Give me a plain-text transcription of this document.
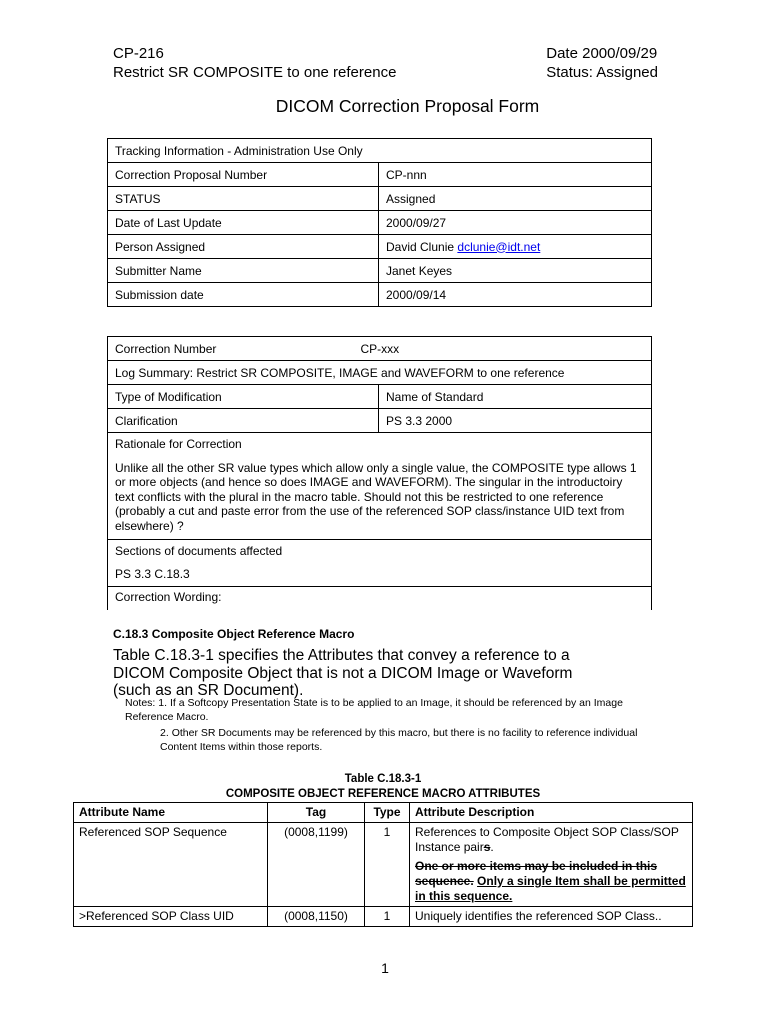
CP-216
Restrict SR COMPOSITE to one reference
Date 2000/09/29
Status: Assigned
DICOM Correction Proposal Form
Tracking Information - Administration Use Only	
Correction Proposal Number	CP-nnn
STATUS	Assigned
Date of Last Update	2000/09/27
Person Assigned	David Clunie dclunie@idt.net
Submitter Name	Janet Keyes
Submission date	2000/09/14
Correction Number CP-xxx	

Log Summary: Restrict SR COMPOSITE, IMAGE and WAVEFORM to one reference	
Type of Modification	Name of Standard
Clarification	PS 3.3 2000

Rationale for Correction
Unlike all the other SR value types which allow only a single value, the COMPOSITE type allows 1 or more objects (and hence so does IMAGE and WAVEFORM). The singular in the introductoiry text conflicts with the plural in the macro table. Should not this be restricted to one reference (probably a cut and paste error from the use of the referenced SOP class/instance UID text from elsewhere) ?	

Sections of documents affected
PS 3.3 C.18.3	

Correction Wording:	
C.18.3 Composite Object Reference Macro
Table C.18.3-1 specifies the Attributes that convey a reference to a DICOM Composite Object that is not a DICOM Image or Waveform (such as an SR Document).
Notes: 1. If a Softcopy Presentation State is to be applied to an Image, it should be referenced by an Image Reference Macro.
2. Other SR Documents may be referenced by this macro, but there is no facility to reference individual Content Items within those reports.
Table C.18.3-1
COMPOSITE OBJECT REFERENCE MACRO ATTRIBUTES
Attribute Name	Tag	Type	Attribute Description
Referenced SOP Sequence	(0008,1199)	1	References to Composite Object SOP Class/SOP Instance pairs.
One or more items may be included in this sequence. Only a single Item shall be permitted in this sequence.

>Referenced SOP Class UID	(0008,1150)	1	Uniquely identifies the referenced SOP Class..
1
